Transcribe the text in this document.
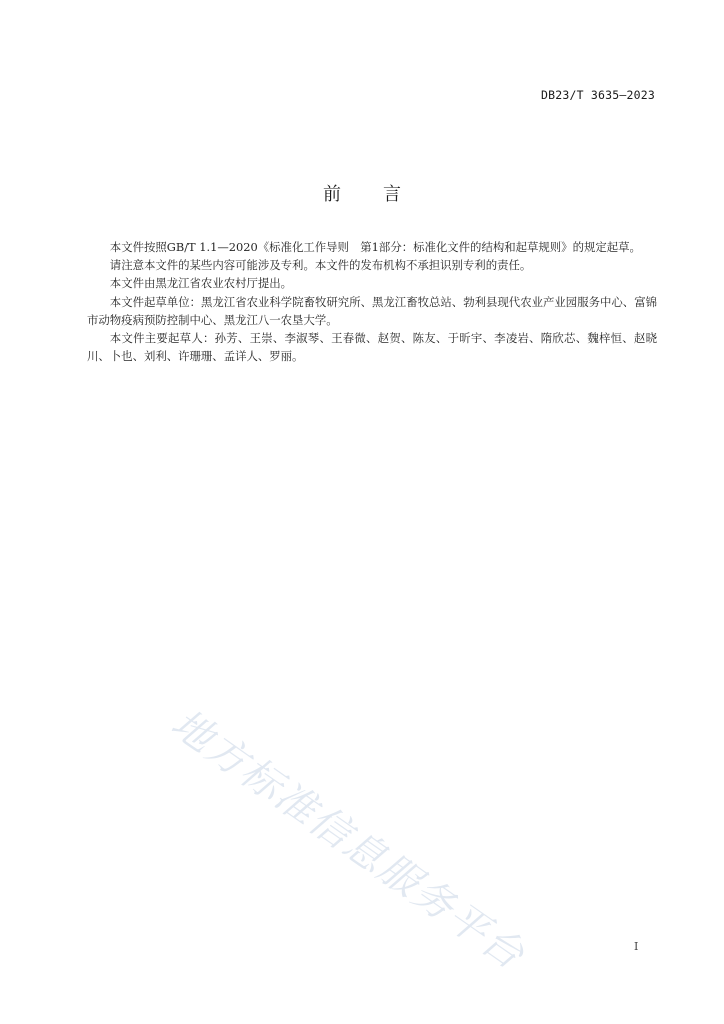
DB23/T 3635—2023
前言

本文件按照GB/T 1.1—2020《标准化工作导则　第1部分：标准化文件的结构和起草规则》的规定起草。

请注意本文件的某些内容可能涉及专利。本文件的发布机构不承担识别专利的责任。

本文件由黑龙江省农业农村厅提出。

本文件起草单位：黑龙江省农业科学院畜牧研究所、黑龙江畜牧总站、勃利县现代农业产业园服务中心、富锦市动物疫病预防控制中心、黑龙江八一农垦大学。

本文件主要起草人：孙芳、王崇、李淑琴、王春微、赵贺、陈友、于昕宇、李凌岩、隋欣芯、魏梓恒、赵晓川、卜也、刘利、许珊珊、孟详人、罗丽。

地方标准信息服务平台	I
